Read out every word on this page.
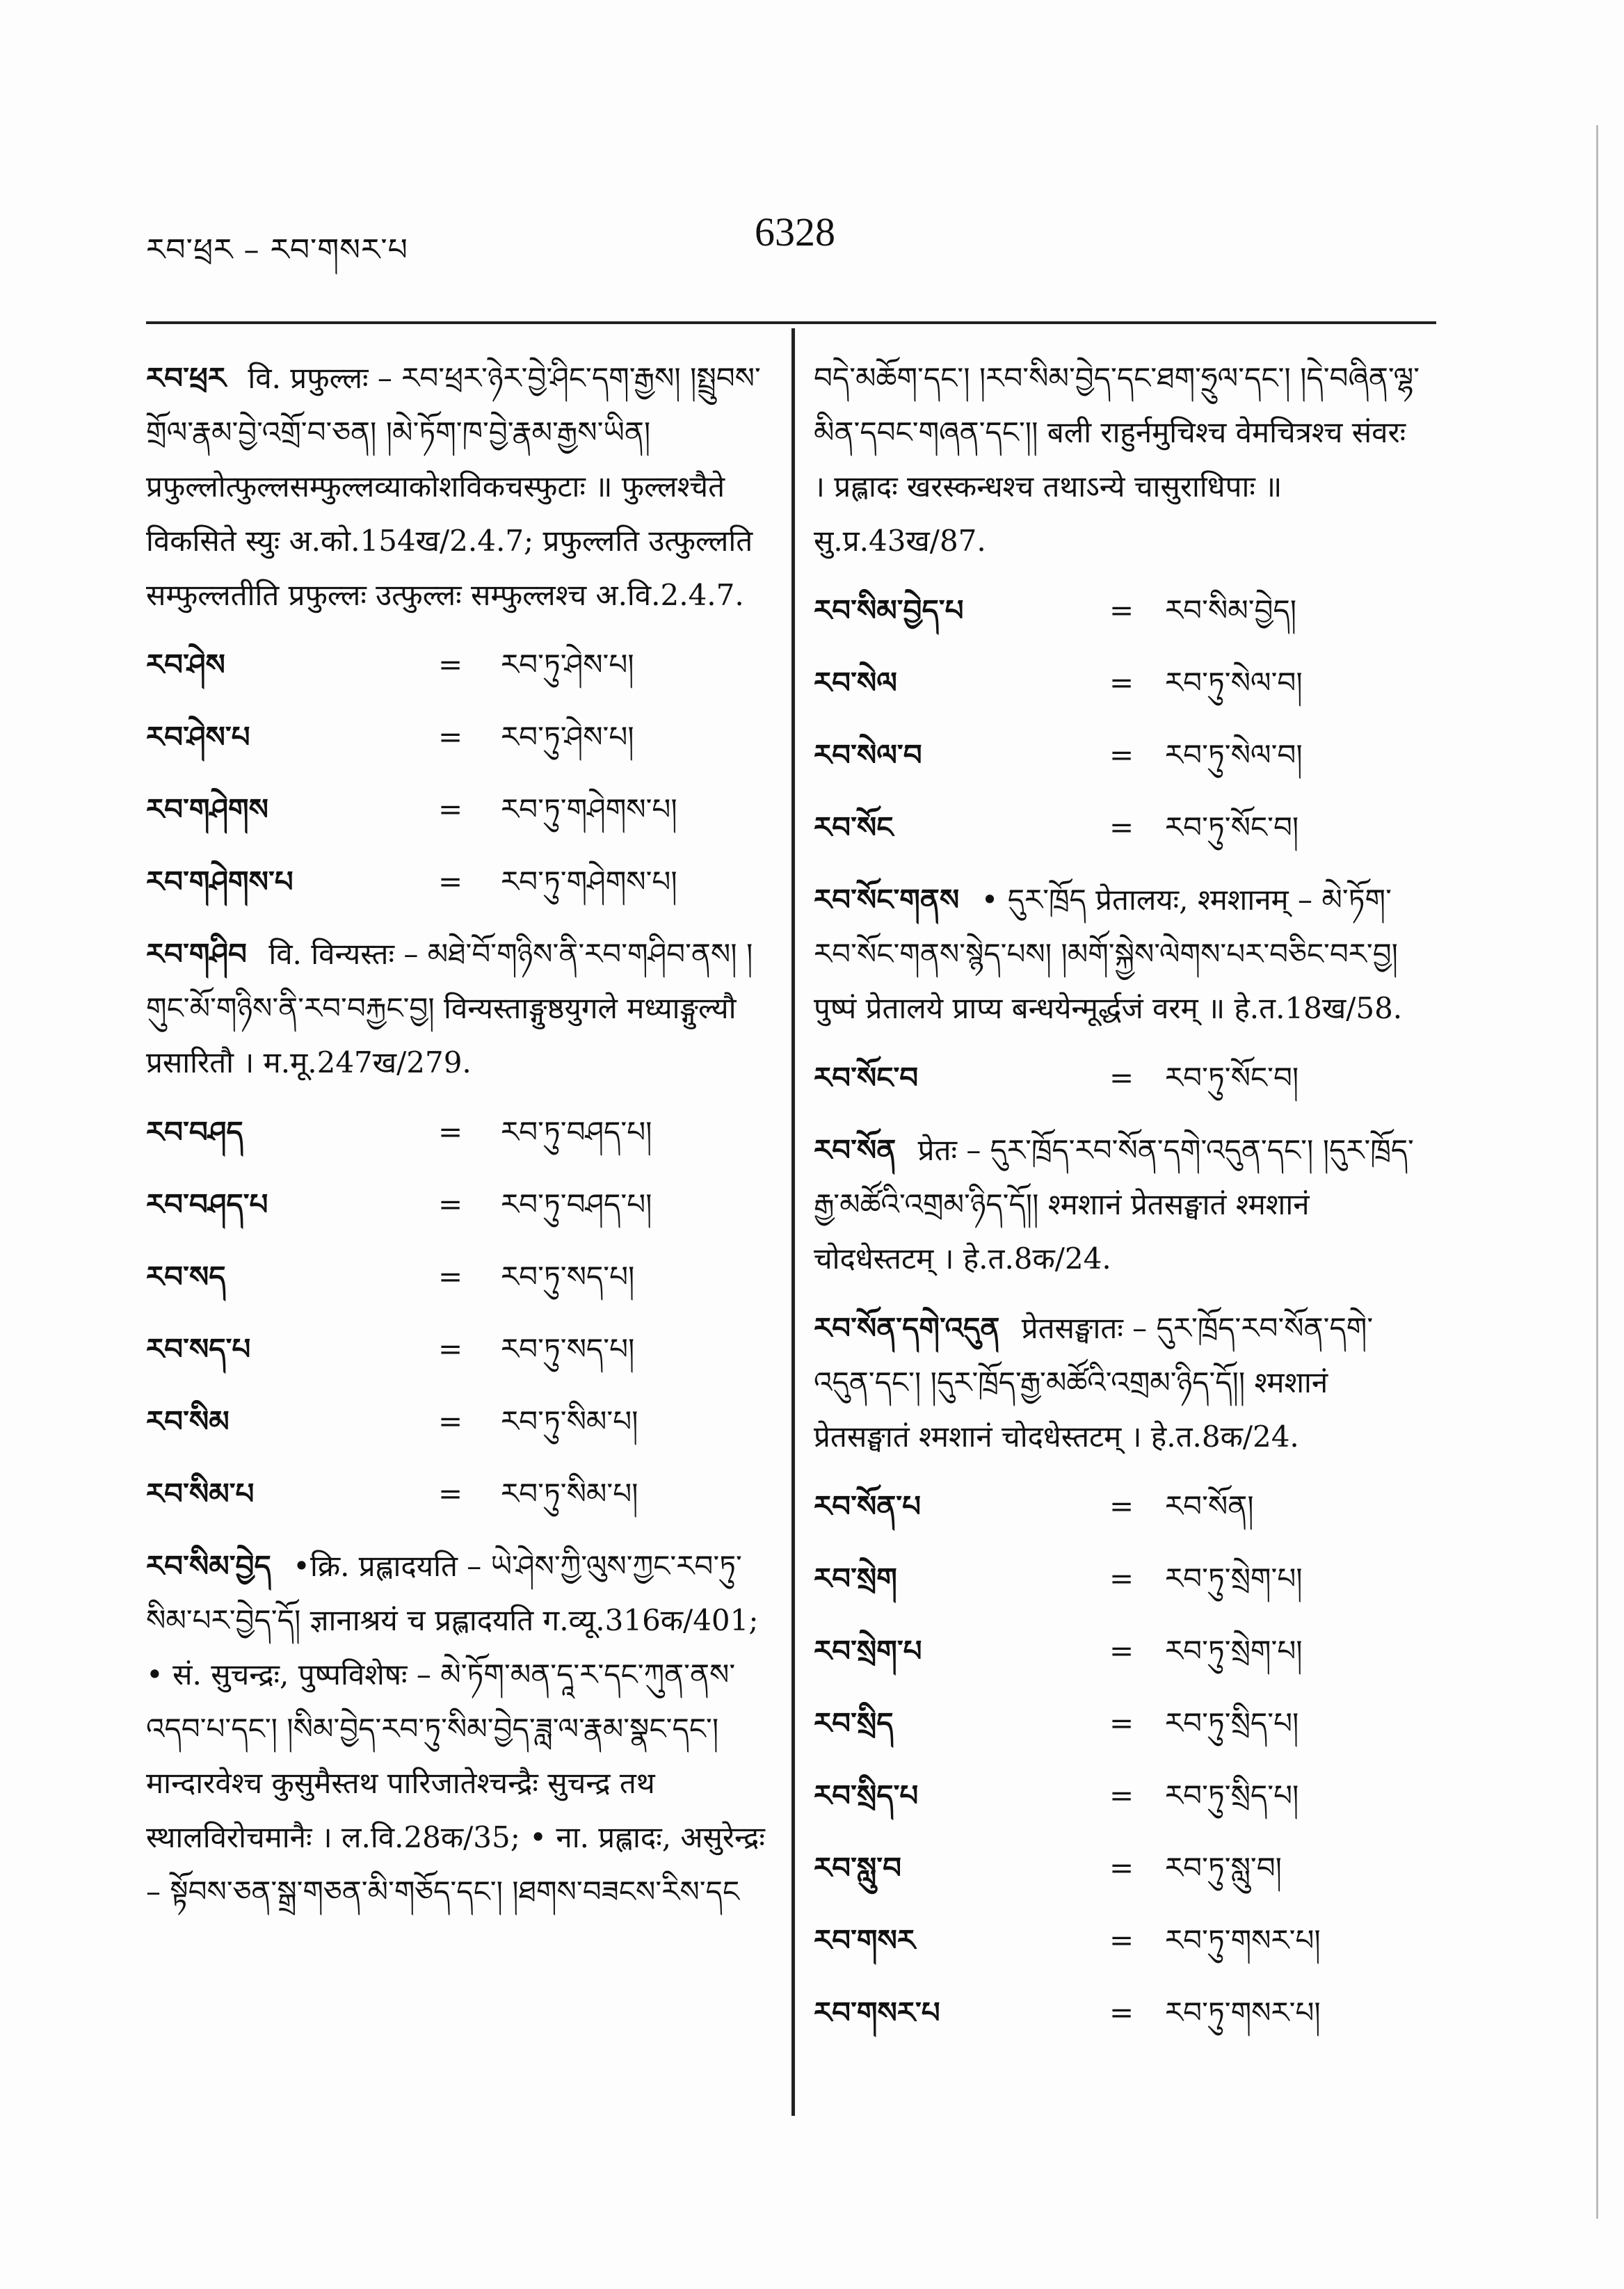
རབ་ཕྲར – རབ་གསར་པ	6328
རབ་ཕྲར वि. प्रफुल्लः – རབ་ཕྲར་ཉེར་བྱེ་ཤིང་དག་རྒྱས། །སྤྲུབས་གྲོལ་རྣམ་བྱེ་འགྲོ་བ་ཅན། །མེ་ཏོག་ཁ་བྱེ་རྣམ་རྒྱས་ཡིན། प्रफुल्लोत्फुल्लसम्फुल्लव्याकोशविकचस्फुटाः ॥ फुल्लश्चैते विकसिते स्युः अ.को.154ख/2.4.7; प्रफुल्लति उत्फुल्लति सम्फुल्लतीति प्रफुल्लः उत्फुल्लः सम्फुल्लश्च अ.वि.2.4.7.
རབ་ཤེས	= རབ་ཏུ་ཤེས་པ།
རབ་ཤེས་པ	= རབ་ཏུ་ཤེས་པ།
རབ་གཤེགས	= རབ་ཏུ་གཤེགས་པ།
རབ་གཤེགས་པ	= རབ་ཏུ་གཤེགས་པ།
རབ་གཤིབ वि. विन्यस्तः – མཐེ་བོ་གཉིས་ནི་རབ་གཤིབ་ནས། །གུང་མོ་གཉིས་ནི་རབ་བརྐྱང་བྱ། विन्यस्ताङ्गुष्ठयुगले मध्याङ्गुल्यौ प्रसारितौ । म.मू.247ख/279.
རབ་བཤད	= རབ་ཏུ་བཤད་པ།
རབ་བཤད་པ	= རབ་ཏུ་བཤད་པ།
རབ་སད	= རབ་ཏུ་སད་པ།
རབ་སད་པ	= རབ་ཏུ་སད་པ།
རབ་སིམ	= རབ་ཏུ་སིམ་པ།
རབ་སིམ་པ	= རབ་ཏུ་སིམ་པ།
རབ་སིམ་བྱེད •क्रि. प्रह्लादयति – ཡེ་ཤེས་ཀྱི་ལུས་ཀྱང་རབ་ཏུ་སིམ་པར་བྱེད་དོ། ज्ञानाश्रयं च प्रह्लादयति ग.व्यू.316क/401; • सं. सुचन्द्रः, पुष्पविशेषः – མེ་ཏོག་མན་དཱ་ར་དང་ཀུན་ནས་འདབ་པ་དང་། །སིམ་བྱེད་རབ་ཏུ་སིམ་བྱེད་ཟླ་ལ་རྣམ་སྣང་དང་། मान्दारवेश्च कुसुमैस्तथ पारिजातेश्चन्द्रैः सुचन्द्र तथ स्थालविरोचमानैः । ल.वि.28क/35; • ना. प्रह्लादः, असुरेन्द्रः – སྟོབས་ཅན་སྒྲ་གཅན་མི་གཅོད་དང་། །ཐགས་བཟངས་རིས་དང
བདེ་མཆོག་དང་། །རབ་སིམ་བྱེད་དང་ཐག་ཧྲུལ་དང་། །དེ་བཞིན་ལྷ་མིན་དབང་གཞན་དང་།། बली राहुर्नमुचिश्च वेमचित्रश्च संवरः । प्रह्लादः खरस्कन्धश्च तथाऽन्ये चासुराधिपाः ॥ सु.प्र.43ख/87.
རབ་སིམ་བྱེད་པ	= རབ་སིམ་བྱེད།
རབ་སེལ	= རབ་ཏུ་སེལ་བ།
རབ་སེལ་བ	= རབ་ཏུ་སེལ་བ།
རབ་སོང	= རབ་ཏུ་སོང་བ།
རབ་སོང་གནས • དུར་ཁྲོད प्रेतालयः, श्मशानम् – མེ་ཏོག་རབ་སོང་གནས་སྙེད་པས། །མགོ་སྐྱེས་ལེགས་པར་བཅིང་བར་བྱ། पुष्पं प्रेतालये प्राप्य बन्धयेन्मूर्द्धजं वरम् ॥ हे.त.18ख/58.
རབ་སོང་བ	= རབ་ཏུ་སོང་བ།
རབ་སོན प्रेतः – དུར་ཁྲོད་རབ་སོན་དགེ་འདུན་དང་། །དུར་ཁྲོད་རྒྱ་མཚོའི་འགྲམ་ཉིད་དོ།། श्मशानं प्रेतसङ्घातं श्मशानं चोदधेस्तटम् । हे.त.8क/24.
རབ་སོན་དགེ་འདུན प्रेतसङ्घातः – དུར་ཁྲོད་རབ་སོན་དགེ་འདུན་དང་། །དུར་ཁྲོད་རྒྱ་མཚོའི་འགྲམ་ཉིད་དོ།། श्मशानं प्रेतसङ्घातं श्मशानं चोदधेस्तटम् । हे.त.8क/24.
རབ་སོན་པ	= རབ་སོན།
རབ་སྲེག	= རབ་ཏུ་སྲེག་པ།
རབ་སྲེག་པ	= རབ་ཏུ་སྲེག་པ།
རབ་སྲིད	= རབ་ཏུ་སྲིད་པ།
རབ་སྲིད་པ	= རབ་ཏུ་སྲིད་པ།
རབ་སླུ་བ	= རབ་ཏུ་སླུ་བ།
རབ་གསར	= རབ་ཏུ་གསར་པ།
རབ་གསར་པ	= རབ་ཏུ་གསར་པ།
